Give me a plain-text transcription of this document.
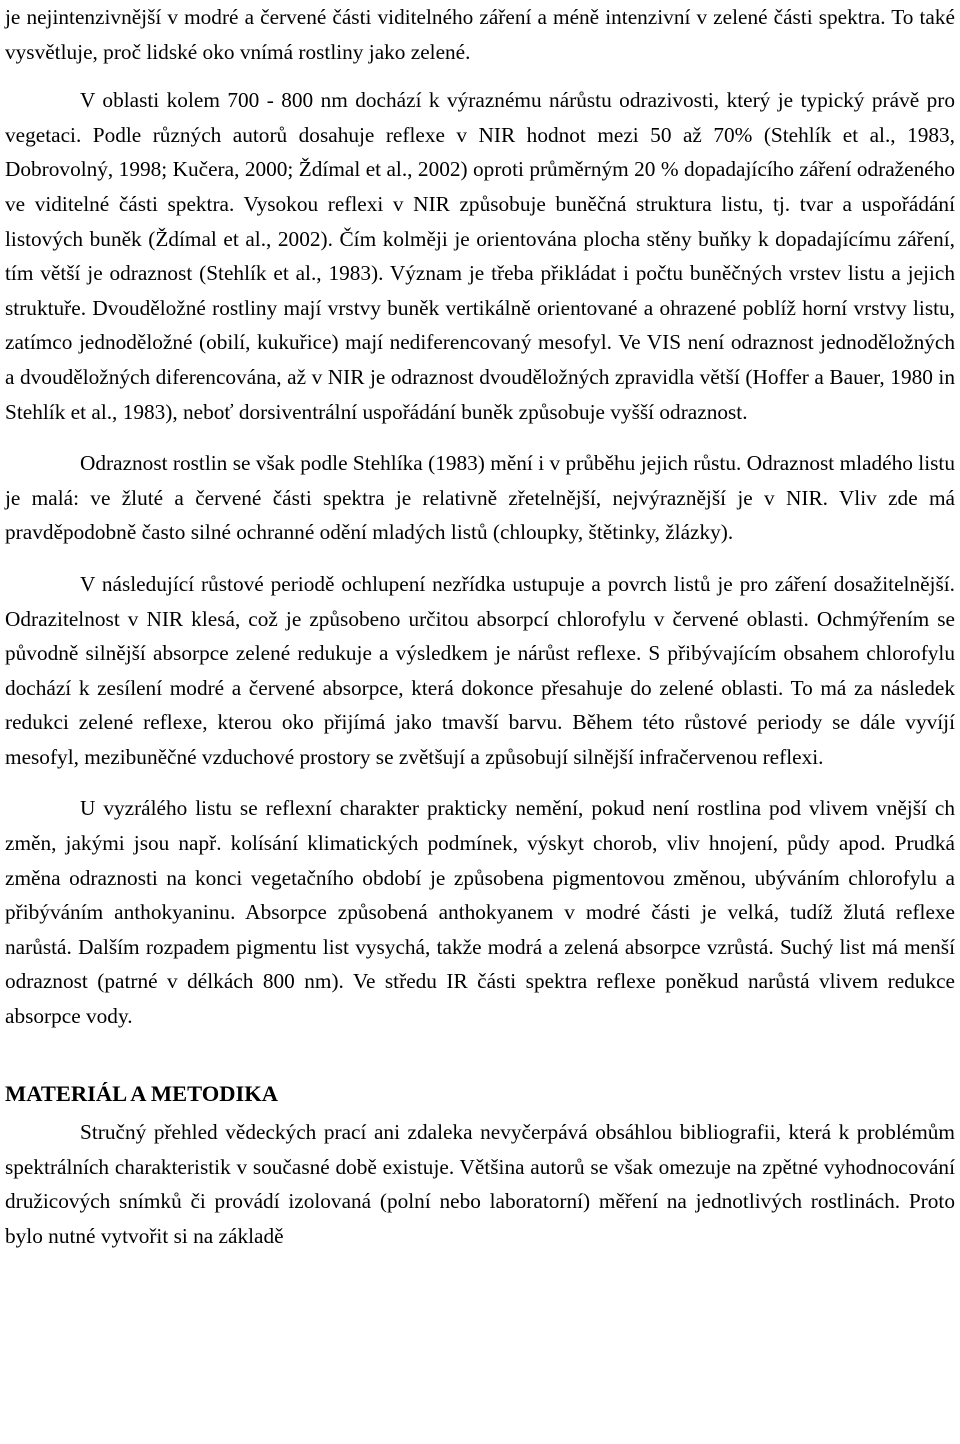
je nejintenzivnější v modré a červené části viditelného záření a méně intenzivní v zelené části spektra. To také vysvětluje, proč lidské oko vnímá rostliny jako zelené.

V oblasti kolem 700 - 800 nm dochází k výraznému nárůstu odrazivosti, který je typický právě pro vegetaci. Podle různých autorů dosahuje reflexe v NIR hodnot mezi 50 až 70% (Stehlík et al., 1983, Dobrovolný, 1998; Kučera, 2000; Ždímal et al., 2002) oproti průměrným 20 % dopadajícího záření odraženého ve viditelné části spektra. Vysokou reflexi v NIR způsobuje buněčná struktura listu, tj. tvar a uspořádání listových buněk (Ždímal et al., 2002). Čím kolměji je orientována plocha stěny buňky k dopadajícímu záření, tím větší je odraznost (Stehlík et al., 1983). Význam je třeba přikládat i počtu buněčných vrstev listu a jejich struktuře. Dvouděložné rostliny mají vrstvy buněk vertikálně orientované a ohrazené poblíž horní vrstvy listu, zatímco jednoděložné (obilí, kukuřice) mají nediferencovaný mesofyl. Ve VIS není odraznost jednoděložných a dvouděložných diferencována, až v NIR je odraznost dvouděložných zpravidla větší (Hoffer a Bauer, 1980 in Stehlík et al., 1983), neboť dorsiventrální uspořádání buněk způsobuje vyšší odraznost.

Odraznost rostlin se však podle Stehlíka (1983) mění i v průběhu jejich růstu. Odraznost mladého listu je malá: ve žluté a červené části spektra je relativně zřetelnější, nejvýraznější je v NIR. Vliv zde má pravděpodobně často silné ochranné odění mladých listů (chloupky, štětinky, žlázky).

V následující růstové periodě ochlupení nezřídka ustupuje a povrch listů je pro záření dosažitelnější. Odrazitelnost v NIR klesá, což je způsobeno určitou absorpcí chlorofylu v červené oblasti. Ochmýřením se původně silnější absorpce zelené redukuje a výsledkem je nárůst reflexe. S přibývajícím obsahem chlorofylu dochází k zesílení modré a červené absorpce, která dokonce přesahuje do zelené oblasti. To má za následek redukci zelené reflexe, kterou oko přijímá jako tmavší barvu. Během této růstové periody se dále vyvíjí mesofyl, mezibuněčné vzduchové prostory se zvětšují a způsobují silnější infračervenou reflexi.

U vyzrálého listu se reflexní charakter prakticky nemění, pokud není rostlina pod vlivem vnější ch změn, jakými jsou např. kolísání klimatických podmínek, výskyt chorob, vliv hnojení, půdy apod. Prudká změna odraznosti na konci vegetačního období je způsobena pigmentovou změnou, ubýváním chlorofylu a přibýváním anthokyaninu. Absorpce způsobená anthokyanem v modré části je velká, tudíž žlutá reflexe narůstá. Dalším rozpadem pigmentu list vysychá, takže modrá a zelená absorpce vzrůstá. Suchý list má menší odraznost (patrné v délkách 800 nm). Ve středu IR části spektra reflexe poněkud narůstá vlivem redukce absorpce vody.

MATERIÁL A METODIKA

Stručný přehled vědeckých prací ani zdaleka nevyčerpává obsáhlou bibliografii, která k problémům spektrálních charakteristik v současné době existuje. Většina autorů se však omezuje na zpětné vyhodnocování družicových snímků či provádí izolovaná (polní nebo laboratorní) měření na jednotlivých rostlinách. Proto bylo nutné vytvořit si na základě
